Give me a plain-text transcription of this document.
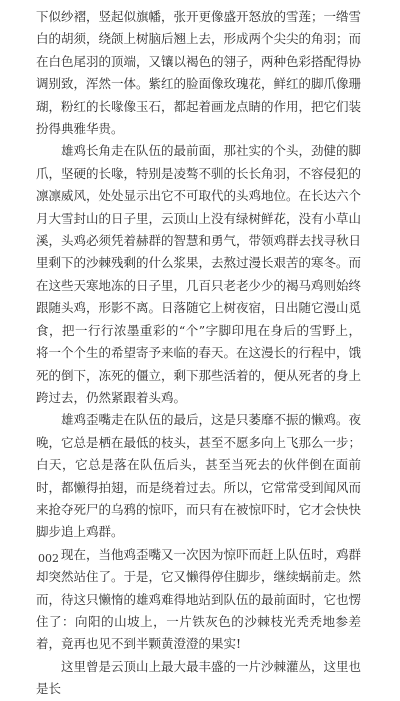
下似纱褶，竖起似旗幡，张开更像盛开怒放的雪莲；一绺雪白的胡须，绕颌上树脑后翘上去，形成两个尖尖的角羽；而在白色尾羽的顶端，又镶以褐色的翎子，两种色彩搭配得协调别致，浑然一体。紫红的脸面像玫瑰花，鲜红的脚爪像珊瑚，粉红的长喙像玉石，都起着画龙点睛的作用，把它们装扮得典雅华贵。

雄鸡长角走在队伍的最前面，那社实的个头，劲健的脚爪，坚硬的长喙，特别是凌骜不驯的长长角羽，不容侵犯的凛凛威风，处处显示出它不可取代的头鸡地位。在长达六个月大雪封山的日子里，云顶山上没有绿树鲜花，没有小草山溪，头鸡必须凭着赫群的智慧和勇气，带领鸡群去找寻秋日里剩下的沙棘残剩的什么浆果，去熬过漫长艰苦的寒冬。而在这些天寒地冻的日子里，几百只老老少少的褐马鸡则始终跟随头鸡，形影不离。日落随它上树夜宿，日出随它漫山觅食，把一行行浓墨重彩的“个”字脚印甩在身后的雪野上，将一个个生的希望寄予来临的春天。在这漫长的行程中，饿死的倒下，冻死的僵立，剩下那些活着的，便从死者的身上跨过去，仍然紧跟着头鸡。

雄鸡歪嘴走在队伍的最后，这是只萎靡不振的懒鸡。夜晚，它总是栖在最低的枝头，甚至不愿多向上飞那么一步；白天，它总是落在队伍后头，甚至当死去的伙伴倒在面前时，都懒得拍翅，而是绕着过去。所以，它常常受到闻风而来抢夺死尸的乌鸦的惊吓，而只有在被惊吓时，它才会快快脚步追上鸡群。

现在，当他鸡歪嘴又一次因为惊吓而赶上队伍时，鸡群却突然站住了。于是，它又懒得停住脚步，继续蜗前走。然而，待这只懒惰的雄鸡难得地站到队伍的最前面时，它也愣住了：向阳的山坡上，一片铁灰色的沙棘枝光秃秃地参差着，竟再也见不到半颗黄澄澄的果实!

这里曾是云顶山上最大最丰盛的一片沙棘灌丛，这里也是长

002
